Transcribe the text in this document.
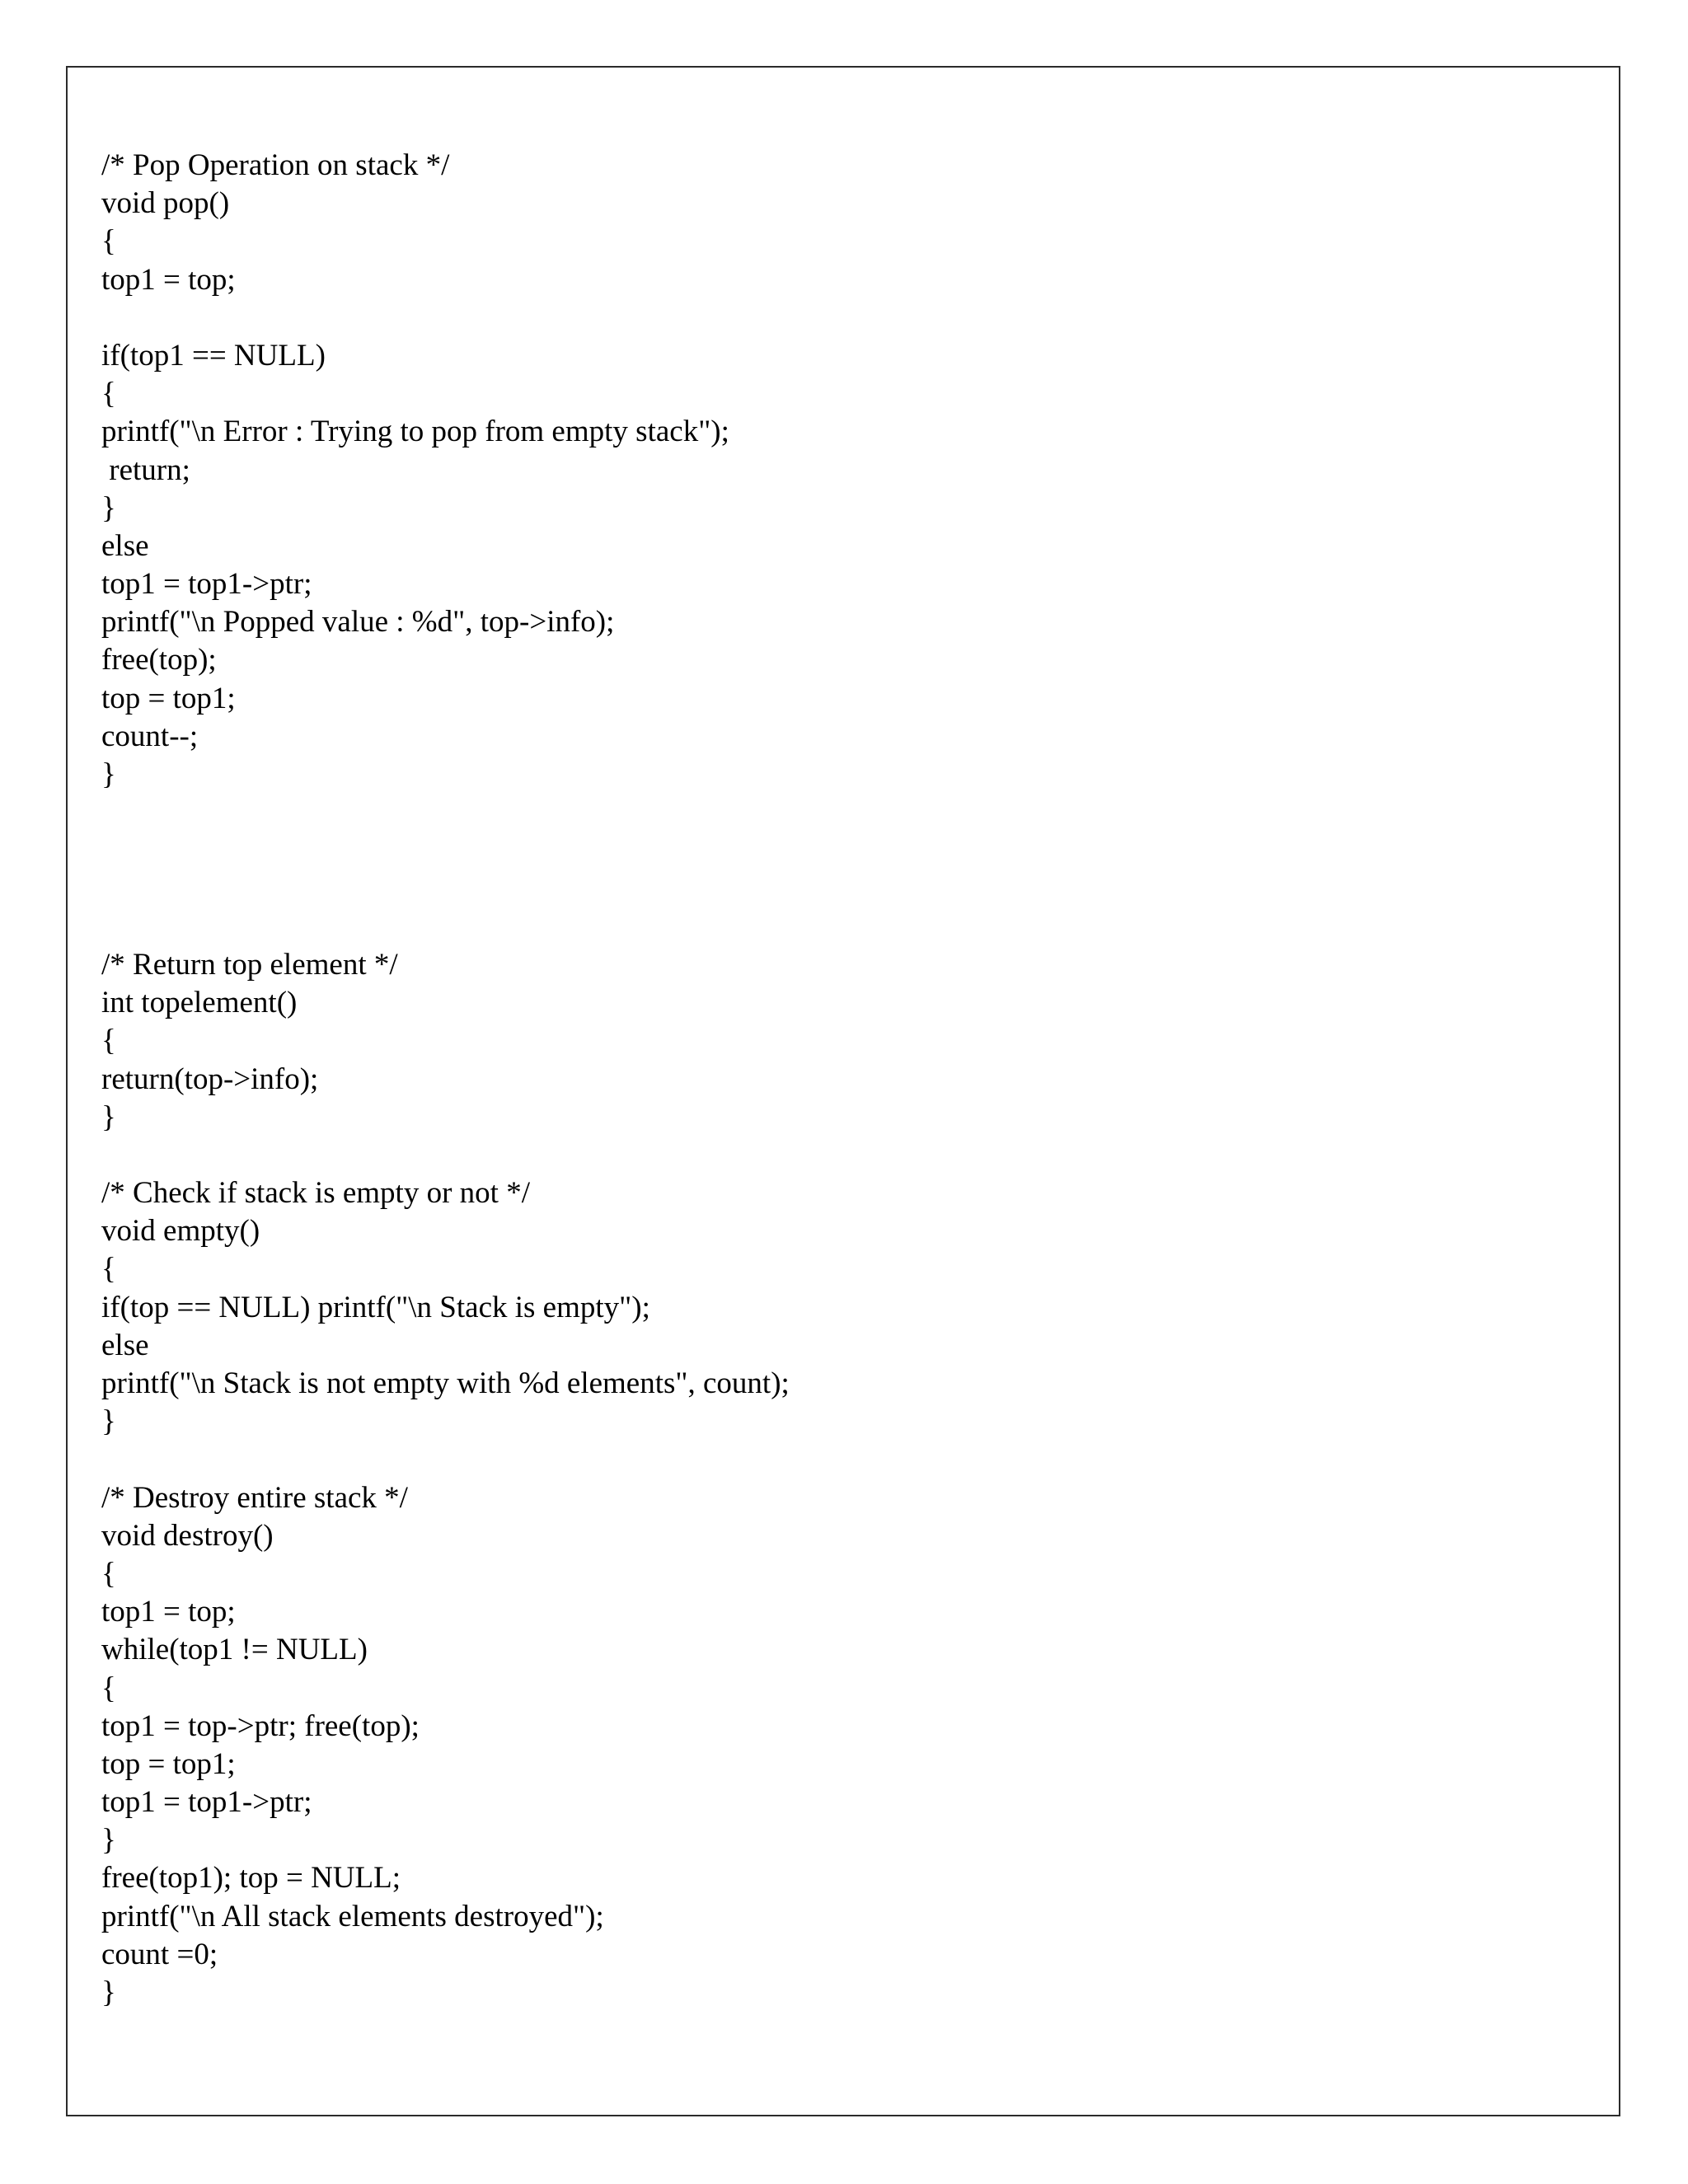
/* Pop Operation on stack */
void pop()
{
top1 = top;
if(top1 == NULL)
{
printf("\n Error : Trying to pop from empty stack");
return;
}
else
top1 = top1->ptr;
printf("\n Popped value : %d", top->info);
free(top);
top = top1;
count--;
}
/* Return top element */
int topelement()
{
return(top->info);
}
/* Check if stack is empty or not */
void empty()
{
if(top == NULL) printf("\n Stack is empty");
else
printf("\n Stack is not empty with %d elements", count);
}
/* Destroy entire stack */
void destroy()
{
top1 = top;
while(top1 != NULL)
{
top1 = top->ptr; free(top);
top = top1;
top1 = top1->ptr;
}
free(top1); top = NULL;
printf("\n All stack elements destroyed");
count =0;
}
